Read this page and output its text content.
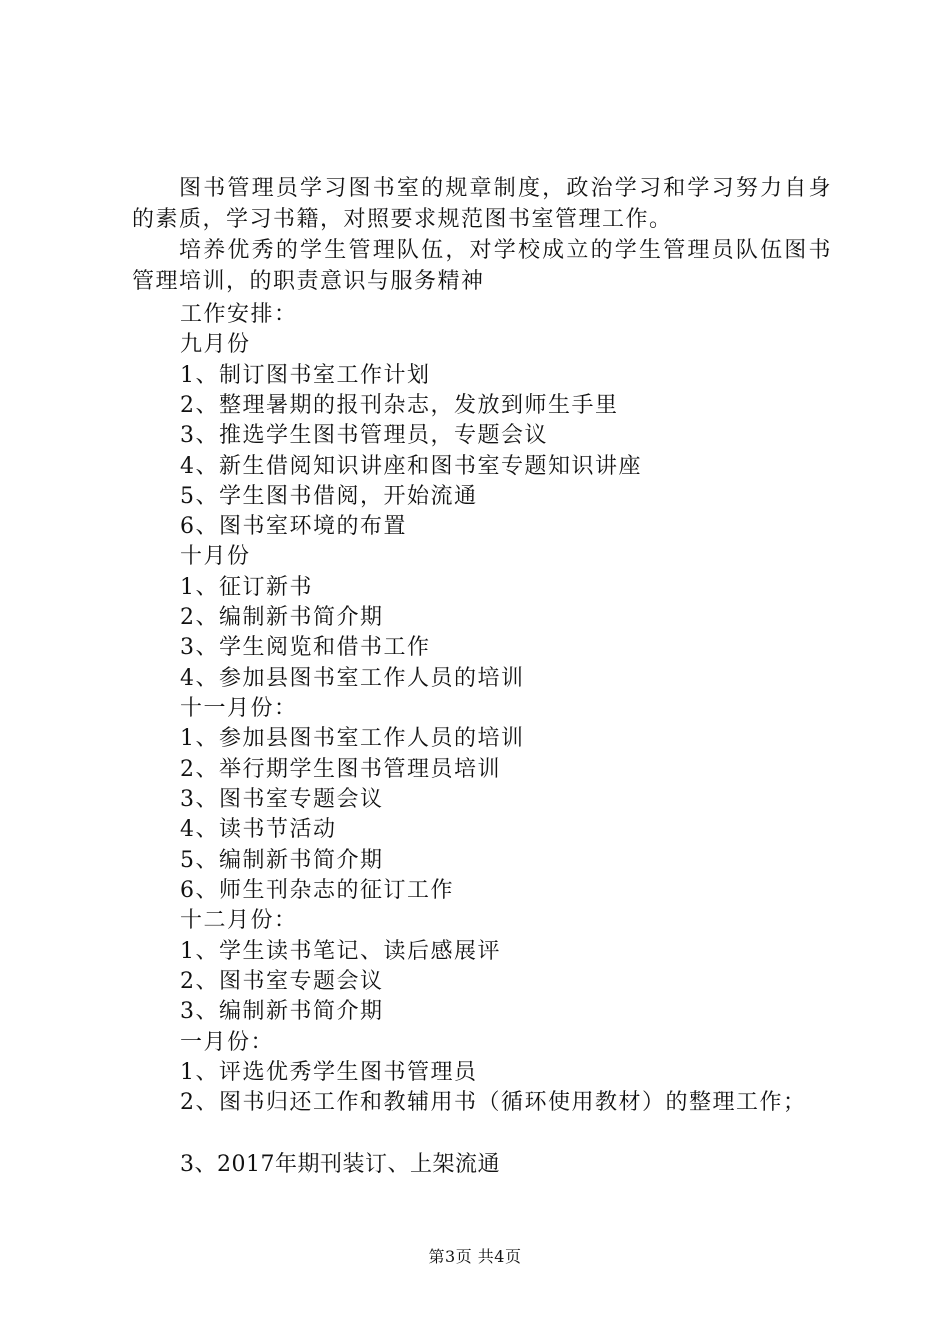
图书管理员学习图书室的规章制度，政治学习和学习努力自身的素质，学习书籍，对照要求规范图书室管理工作。
培养优秀的学生管理队伍，对学校成立的学生管理员队伍图书管理培训，的职责意识与服务精神
工作安排：
九月份
1、制订图书室工作计划
2、整理暑期的报刊杂志，发放到师生手里
3、推选学生图书管理员，专题会议
4、新生借阅知识讲座和图书室专题知识讲座
5、学生图书借阅，开始流通
6、图书室环境的布置
十月份
1、征订新书
2、编制新书简介期
3、学生阅览和借书工作
4、参加县图书室工作人员的培训
十一月份：
1、参加县图书室工作人员的培训
2、举行期学生图书管理员培训
3、图书室专题会议
4、读书节活动
5、编制新书简介期
6、师生刊杂志的征订工作
十二月份：
1、学生读书笔记、读后感展评
2、图书室专题会议
3、编制新书简介期
一月份：
1、评选优秀学生图书管理员
2、图书归还工作和教辅用书（循环使用教材）的整理工作；
3、2017年期刊装订、上架流通
第3页 共4页
